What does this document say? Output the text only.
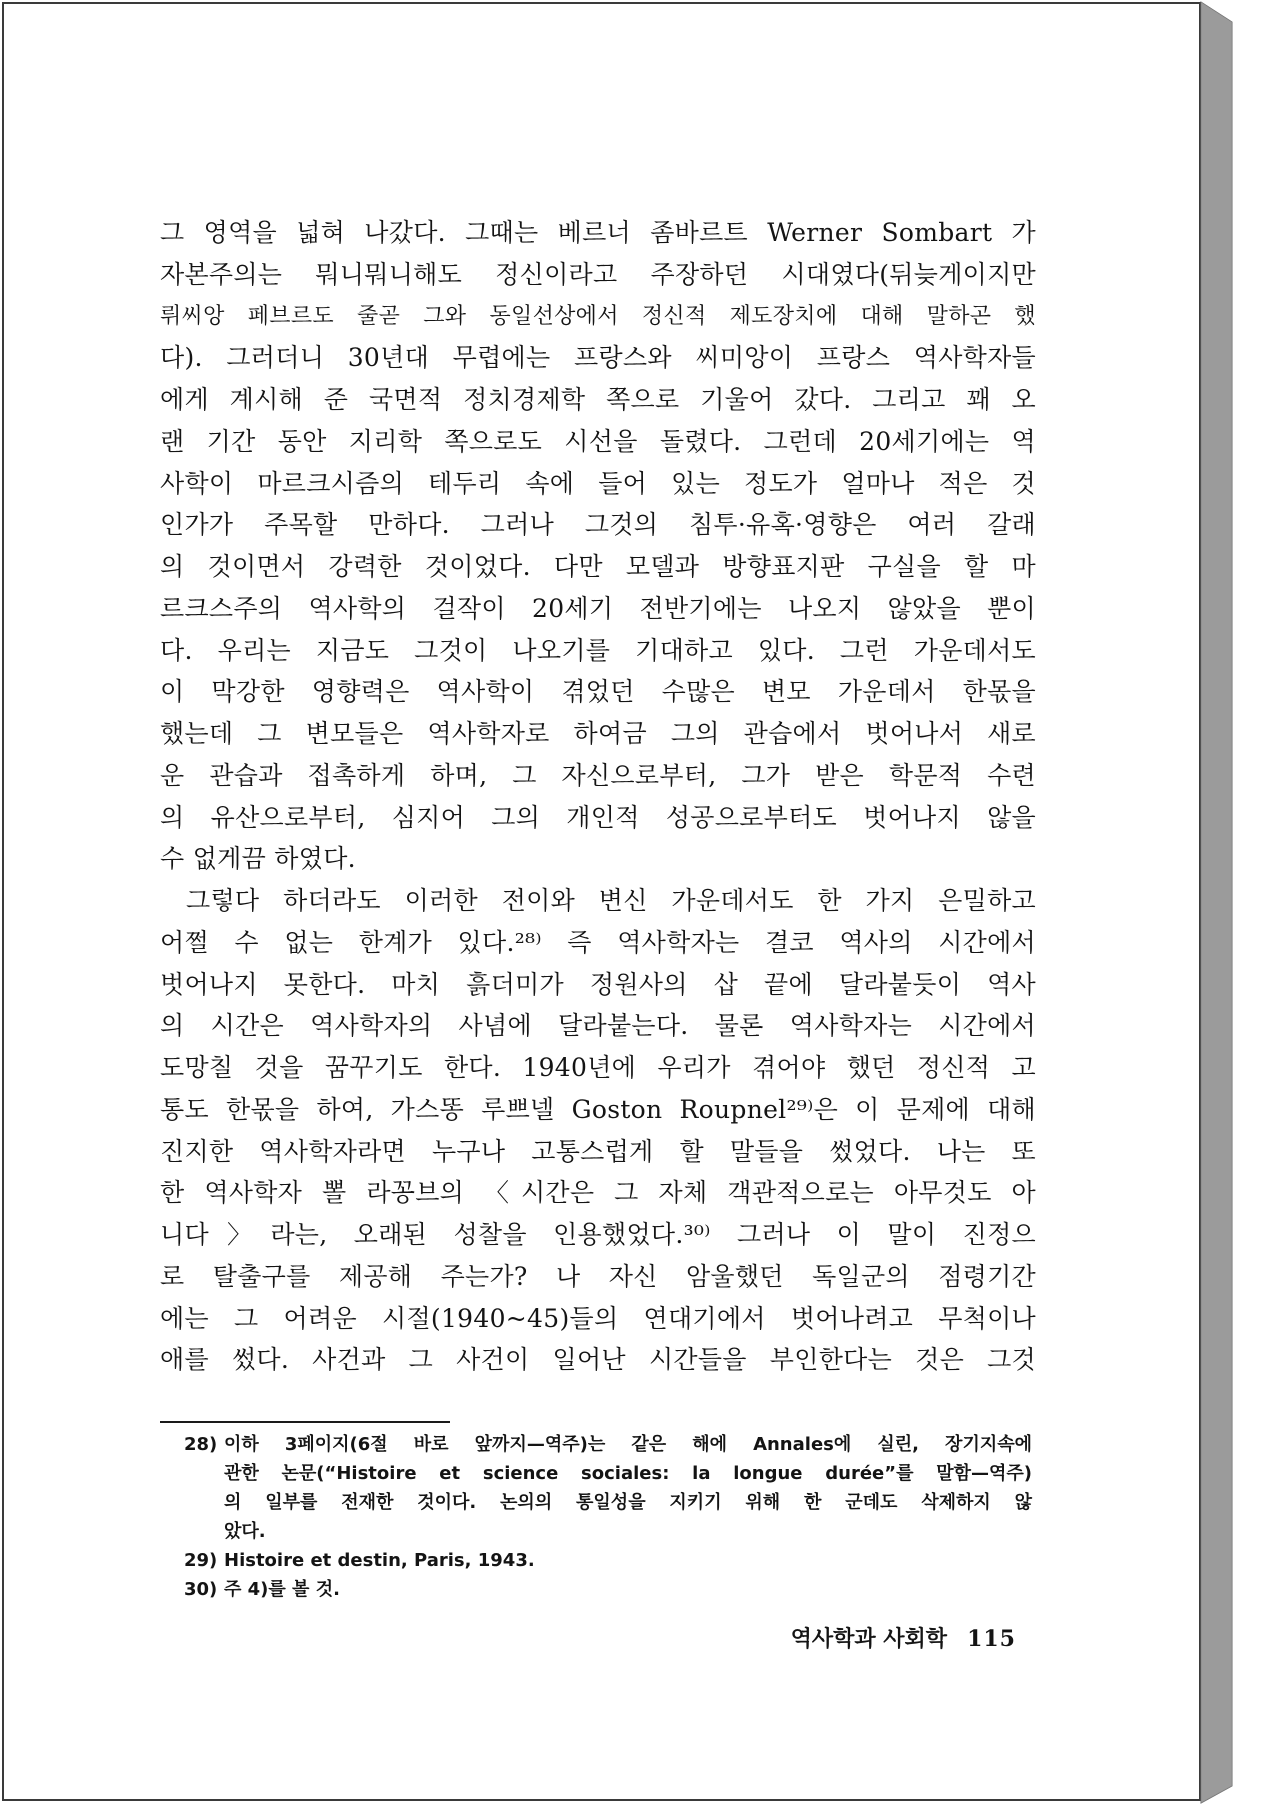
그 영역을 넓혀 나갔다. 그때는 베르너 좀바르트 Werner Sombart 가
자본주의는 뭐니뭐니해도 정신이라고 주장하던 시대였다(뒤늦게이지만
뤼씨앙 페브르도 줄곧 그와 동일선상에서 정신적 제도장치에 대해 말하곤 했
다). 그러더니 30년대 무렵에는 프랑스와 씨미앙이 프랑스 역사학자들
에게 계시해 준 국면적 정치경제학 쪽으로 기울어 갔다. 그리고 꽤 오
랜 기간 동안 지리학 쪽으로도 시선을 돌렸다. 그런데 20세기에는 역
사학이 마르크시즘의 테두리 속에 들어 있는 정도가 얼마나 적은 것
인가가 주목할 만하다. 그러나 그것의 침투·유혹·영향은 여러 갈래
의 것이면서 강력한 것이었다. 다만 모델과 방향표지판 구실을 할 마
르크스주의 역사학의 걸작이 20세기 전반기에는 나오지 않았을 뿐이
다. 우리는 지금도 그것이 나오기를 기대하고 있다. 그런 가운데서도
이 막강한 영향력은 역사학이 겪었던 수많은 변모 가운데서 한몫을
했는데 그 변모들은 역사학자로 하여금 그의 관습에서 벗어나서 새로
운 관습과 접촉하게 하며, 그 자신으로부터, 그가 받은 학문적 수련
의 유산으로부터, 심지어 그의 개인적 성공으로부터도 벗어나지 않을
수 없게끔 하였다.
그렇다 하더라도 이러한 전이와 변신 가운데서도 한 가지 은밀하고
어쩔 수 없는 한계가 있다.²⁸⁾ 즉 역사학자는 결코 역사의 시간에서
벗어나지 못한다. 마치 흙더미가 정원사의 삽 끝에 달라붙듯이 역사
의 시간은 역사학자의 사념에 달라붙는다. 물론 역사학자는 시간에서
도망칠 것을 꿈꾸기도 한다. 1940년에 우리가 겪어야 했던 정신적 고
통도 한몫을 하여, 가스똥 루쁘넬 Goston Roupnel²⁹⁾은 이 문제에 대해
진지한 역사학자라면 누구나 고통스럽게 할 말들을 썼었다. 나는 또
한 역사학자 뽈 라꽁브의 〈시간은 그 자체 객관적으로는 아무것도 아
니다〉라는, 오래된 성찰을 인용했었다.³⁰⁾ 그러나 이 말이 진정으
로 탈출구를 제공해 주는가? 나 자신 암울했던 독일군의 점령기간
에는 그 어려운 시절(1940~45)들의 연대기에서 벗어나려고 무척이나
애를 썼다. 사건과 그 사건이 일어난 시간들을 부인한다는 것은 그것
28) 이하 3페이지(6절 바로 앞까지—역주)는 같은 해에 Annales에 실린, 장기지속에
관한 논문(“Histoire et science sociales: la longue durée”를 말함—역주)
의 일부를 전재한 것이다. 논의의 통일성을 지키기 위해 한 군데도 삭제하지 않
았다.
29) Histoire et destin, Paris, 1943.
30) 주 4)를 볼 것.
역사학과 사회학 115
